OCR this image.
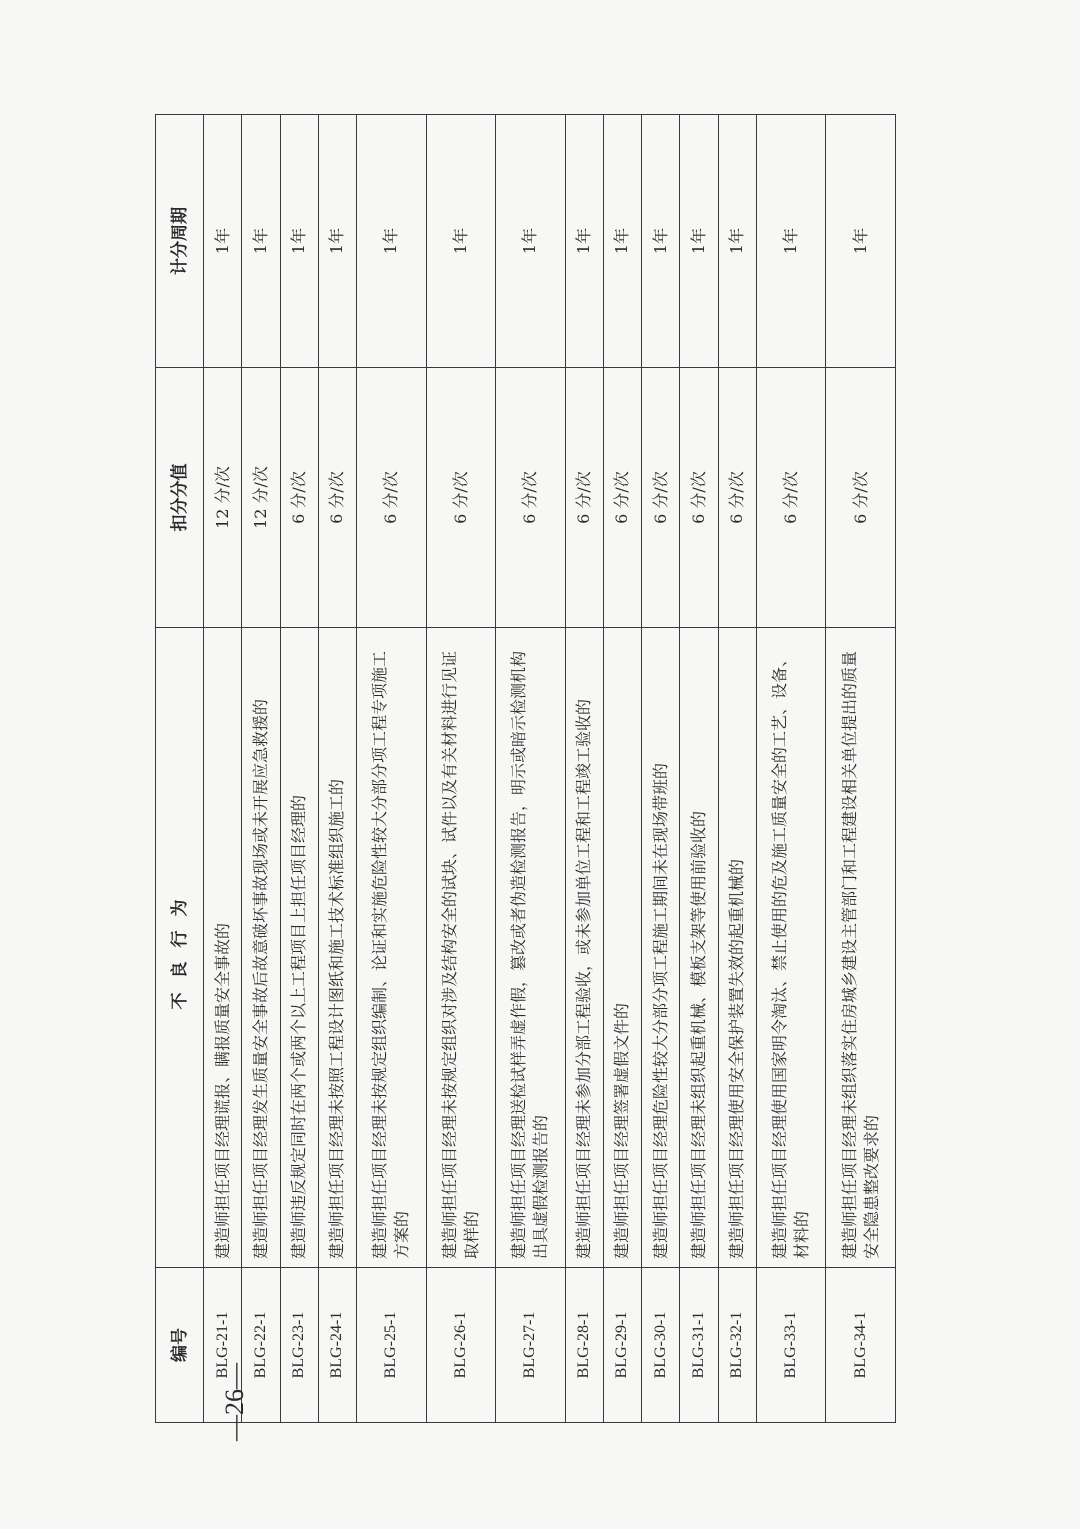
编号	不良行为	扣分分值	计分周期
BLG-21-1	建造师担任项目经理谎报、瞒报质量安全事故的	12 分/次	1年
BLG-22-1	建造师担任项目经理发生质量安全事故后故意破坏事故现场或未开展应急救援的	12 分/次	1年
BLG-23-1	建造师违反规定同时在两个或两个以上工程项目上担任项目经理的	6 分/次	1年
BLG-24-1	建造师担任项目经理未按照工程设计图纸和施工技术标准组织施工的	6 分/次	1年
BLG-25-1	建造师担任项目经理未按规定组织编制、论证和实施危险性较大分部分项工程专项施工方案的	6 分/次	1年
BLG-26-1	建造师担任项目经理未按规定组织对涉及结构安全的试块、试件以及有关材料进行见证取样的	6 分/次	1年
BLG-27-1	建造师担任项目经理送检试样弄虚作假，篡改或者伪造检测报告，明示或暗示检测机构出具虚假检测报告的	6 分/次	1年
BLG-28-1	建造师担任项目经理未参加分部工程验收，或未参加单位工程和工程竣工验收的	6 分/次	1年
BLG-29-1	建造师担任项目经理签署虚假文件的	6 分/次	1年
BLG-30-1	建造师担任项目经理危险性较大分部分项工程施工期间未在现场带班的	6 分/次	1年
BLG-31-1	建造师担任项目经理未组织起重机械、模板支架等使用前验收的	6 分/次	1年
BLG-32-1	建造师担任项目经理使用安全保护装置失效的起重机械的	6 分/次	1年
BLG-33-1	建造师担任项目经理使用国家明令淘汰、禁止使用的危及施工质量安全的工艺、设备、材料的	6 分/次	1年
BLG-34-1	建造师担任项目经理未组织落实住房城乡建设主管部门和工程建设相关单位提出的质量安全隐患整改要求的	6 分/次	1年
—26—
